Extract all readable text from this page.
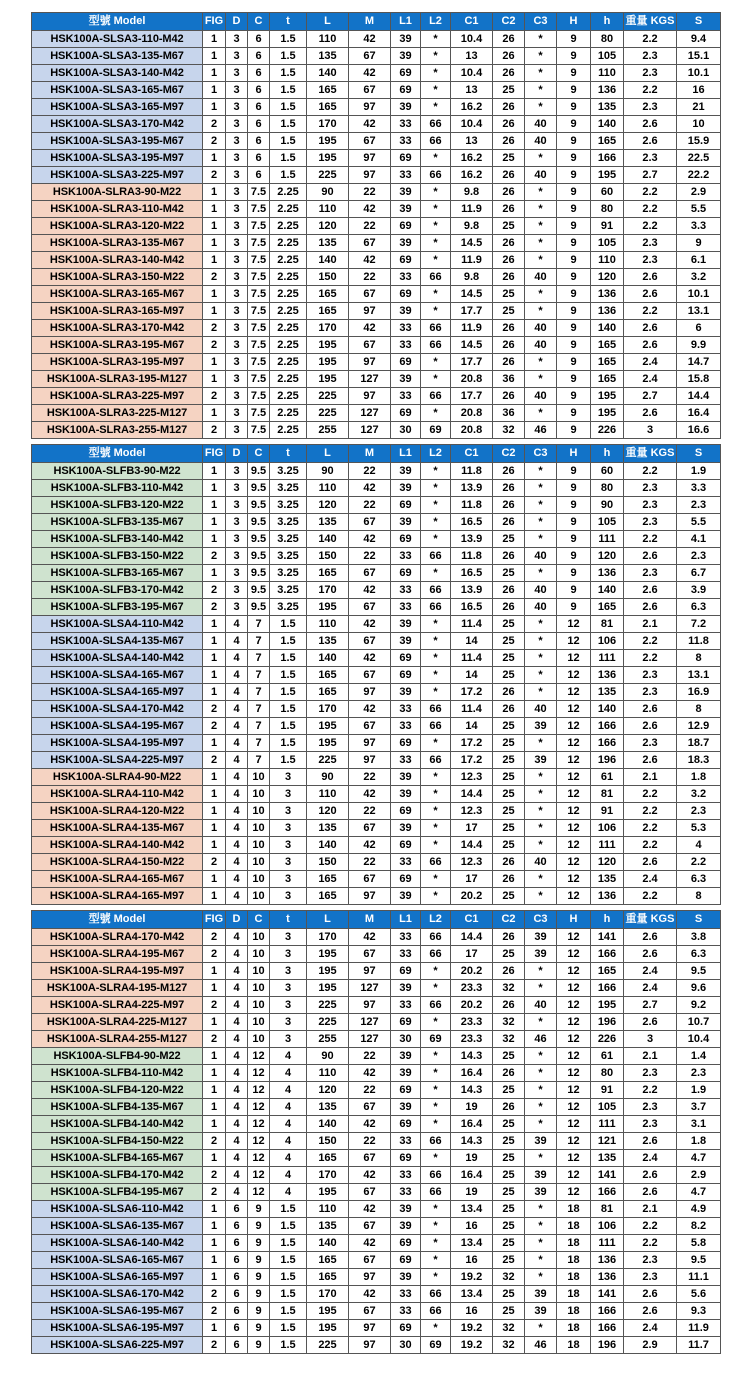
型號 Model	FIG	D	C	t	L	M	L1	L2	C1	C2	C3	H	h	重量 KGS	S
HSK100A-SLSA3-110-M42	1	3	6	1.5	110	42	39	*	10.4	26	*	9	80	2.2	9.4
HSK100A-SLSA3-135-M67	1	3	6	1.5	135	67	39	*	13	26	*	9	105	2.3	15.1
HSK100A-SLSA3-140-M42	1	3	6	1.5	140	42	69	*	10.4	26	*	9	110	2.3	10.1
HSK100A-SLSA3-165-M67	1	3	6	1.5	165	67	69	*	13	25	*	9	136	2.2	16
HSK100A-SLSA3-165-M97	1	3	6	1.5	165	97	39	*	16.2	26	*	9	135	2.3	21
HSK100A-SLSA3-170-M42	2	3	6	1.5	170	42	33	66	10.4	26	40	9	140	2.6	10
HSK100A-SLSA3-195-M67	2	3	6	1.5	195	67	33	66	13	26	40	9	165	2.6	15.9
HSK100A-SLSA3-195-M97	1	3	6	1.5	195	97	69	*	16.2	25	*	9	166	2.3	22.5
HSK100A-SLSA3-225-M97	2	3	6	1.5	225	97	33	66	16.2	26	40	9	195	2.7	22.2
HSK100A-SLRA3-90-M22	1	3	7.5	2.25	90	22	39	*	9.8	26	*	9	60	2.2	2.9
HSK100A-SLRA3-110-M42	1	3	7.5	2.25	110	42	39	*	11.9	26	*	9	80	2.2	5.5
HSK100A-SLRA3-120-M22	1	3	7.5	2.25	120	22	69	*	9.8	25	*	9	91	2.2	3.3
HSK100A-SLRA3-135-M67	1	3	7.5	2.25	135	67	39	*	14.5	26	*	9	105	2.3	9
HSK100A-SLRA3-140-M42	1	3	7.5	2.25	140	42	69	*	11.9	26	*	9	110	2.3	6.1
HSK100A-SLRA3-150-M22	2	3	7.5	2.25	150	22	33	66	9.8	26	40	9	120	2.6	3.2
HSK100A-SLRA3-165-M67	1	3	7.5	2.25	165	67	69	*	14.5	25	*	9	136	2.6	10.1
HSK100A-SLRA3-165-M97	1	3	7.5	2.25	165	97	39	*	17.7	25	*	9	136	2.2	13.1
HSK100A-SLRA3-170-M42	2	3	7.5	2.25	170	42	33	66	11.9	26	40	9	140	2.6	6
HSK100A-SLRA3-195-M67	2	3	7.5	2.25	195	67	33	66	14.5	26	40	9	165	2.6	9.9
HSK100A-SLRA3-195-M97	1	3	7.5	2.25	195	97	69	*	17.7	26	*	9	165	2.4	14.7
HSK100A-SLRA3-195-M127	1	3	7.5	2.25	195	127	39	*	20.8	36	*	9	165	2.4	15.8
HSK100A-SLRA3-225-M97	2	3	7.5	2.25	225	97	33	66	17.7	26	40	9	195	2.7	14.4
HSK100A-SLRA3-225-M127	1	3	7.5	2.25	225	127	69	*	20.8	36	*	9	195	2.6	16.4
HSK100A-SLRA3-255-M127	2	3	7.5	2.25	255	127	30	69	20.8	32	46	9	226	3	16.6

型號 Model	FIG	D	C	t	L	M	L1	L2	C1	C2	C3	H	h	重量 KGS	S
HSK100A-SLFB3-90-M22	1	3	9.5	3.25	90	22	39	*	11.8	26	*	9	60	2.2	1.9
HSK100A-SLFB3-110-M42	1	3	9.5	3.25	110	42	39	*	13.9	26	*	9	80	2.3	3.3
HSK100A-SLFB3-120-M22	1	3	9.5	3.25	120	22	69	*	11.8	26	*	9	90	2.3	2.3
HSK100A-SLFB3-135-M67	1	3	9.5	3.25	135	67	39	*	16.5	26	*	9	105	2.3	5.5
HSK100A-SLFB3-140-M42	1	3	9.5	3.25	140	42	69	*	13.9	25	*	9	111	2.2	4.1
HSK100A-SLFB3-150-M22	2	3	9.5	3.25	150	22	33	66	11.8	26	40	9	120	2.6	2.3
HSK100A-SLFB3-165-M67	1	3	9.5	3.25	165	67	69	*	16.5	25	*	9	136	2.3	6.7
HSK100A-SLFB3-170-M42	2	3	9.5	3.25	170	42	33	66	13.9	26	40	9	140	2.6	3.9
HSK100A-SLFB3-195-M67	2	3	9.5	3.25	195	67	33	66	16.5	26	40	9	165	2.6	6.3
HSK100A-SLSA4-110-M42	1	4	7	1.5	110	42	39	*	11.4	25	*	12	81	2.1	7.2
HSK100A-SLSA4-135-M67	1	4	7	1.5	135	67	39	*	14	25	*	12	106	2.2	11.8
HSK100A-SLSA4-140-M42	1	4	7	1.5	140	42	69	*	11.4	25	*	12	111	2.2	8
HSK100A-SLSA4-165-M67	1	4	7	1.5	165	67	69	*	14	25	*	12	136	2.3	13.1
HSK100A-SLSA4-165-M97	1	4	7	1.5	165	97	39	*	17.2	26	*	12	135	2.3	16.9
HSK100A-SLSA4-170-M42	2	4	7	1.5	170	42	33	66	11.4	26	40	12	140	2.6	8
HSK100A-SLSA4-195-M67	2	4	7	1.5	195	67	33	66	14	25	39	12	166	2.6	12.9
HSK100A-SLSA4-195-M97	1	4	7	1.5	195	97	69	*	17.2	25	*	12	166	2.3	18.7
HSK100A-SLSA4-225-M97	2	4	7	1.5	225	97	33	66	17.2	25	39	12	196	2.6	18.3
HSK100A-SLRA4-90-M22	1	4	10	3	90	22	39	*	12.3	25	*	12	61	2.1	1.8
HSK100A-SLRA4-110-M42	1	4	10	3	110	42	39	*	14.4	25	*	12	81	2.2	3.2
HSK100A-SLRA4-120-M22	1	4	10	3	120	22	69	*	12.3	25	*	12	91	2.2	2.3
HSK100A-SLRA4-135-M67	1	4	10	3	135	67	39	*	17	25	*	12	106	2.2	5.3
HSK100A-SLRA4-140-M42	1	4	10	3	140	42	69	*	14.4	25	*	12	111	2.2	4
HSK100A-SLRA4-150-M22	2	4	10	3	150	22	33	66	12.3	26	40	12	120	2.6	2.2
HSK100A-SLRA4-165-M67	1	4	10	3	165	67	69	*	17	26	*	12	135	2.4	6.3
HSK100A-SLRA4-165-M97	1	4	10	3	165	97	39	*	20.2	25	*	12	136	2.2	8

型號 Model	FIG	D	C	t	L	M	L1	L2	C1	C2	C3	H	h	重量 KGS	S
HSK100A-SLRA4-170-M42	2	4	10	3	170	42	33	66	14.4	26	39	12	141	2.6	3.8
HSK100A-SLRA4-195-M67	2	4	10	3	195	67	33	66	17	25	39	12	166	2.6	6.3
HSK100A-SLRA4-195-M97	1	4	10	3	195	97	69	*	20.2	26	*	12	165	2.4	9.5
HSK100A-SLRA4-195-M127	1	4	10	3	195	127	39	*	23.3	32	*	12	166	2.4	9.6
HSK100A-SLRA4-225-M97	2	4	10	3	225	97	33	66	20.2	26	40	12	195	2.7	9.2
HSK100A-SLRA4-225-M127	1	4	10	3	225	127	69	*	23.3	32	*	12	196	2.6	10.7
HSK100A-SLRA4-255-M127	2	4	10	3	255	127	30	69	23.3	32	46	12	226	3	10.4
HSK100A-SLFB4-90-M22	1	4	12	4	90	22	39	*	14.3	25	*	12	61	2.1	1.4
HSK100A-SLFB4-110-M42	1	4	12	4	110	42	39	*	16.4	26	*	12	80	2.3	2.3
HSK100A-SLFB4-120-M22	1	4	12	4	120	22	69	*	14.3	25	*	12	91	2.2	1.9
HSK100A-SLFB4-135-M67	1	4	12	4	135	67	39	*	19	26	*	12	105	2.3	3.7
HSK100A-SLFB4-140-M42	1	4	12	4	140	42	69	*	16.4	25	*	12	111	2.3	3.1
HSK100A-SLFB4-150-M22	2	4	12	4	150	22	33	66	14.3	25	39	12	121	2.6	1.8
HSK100A-SLFB4-165-M67	1	4	12	4	165	67	69	*	19	25	*	12	135	2.4	4.7
HSK100A-SLFB4-170-M42	2	4	12	4	170	42	33	66	16.4	25	39	12	141	2.6	2.9
HSK100A-SLFB4-195-M67	2	4	12	4	195	67	33	66	19	25	39	12	166	2.6	4.7
HSK100A-SLSA6-110-M42	1	6	9	1.5	110	42	39	*	13.4	25	*	18	81	2.1	4.9
HSK100A-SLSA6-135-M67	1	6	9	1.5	135	67	39	*	16	25	*	18	106	2.2	8.2
HSK100A-SLSA6-140-M42	1	6	9	1.5	140	42	69	*	13.4	25	*	18	111	2.2	5.8
HSK100A-SLSA6-165-M67	1	6	9	1.5	165	67	69	*	16	25	*	18	136	2.3	9.5
HSK100A-SLSA6-165-M97	1	6	9	1.5	165	97	39	*	19.2	32	*	18	136	2.3	11.1
HSK100A-SLSA6-170-M42	2	6	9	1.5	170	42	33	66	13.4	25	39	18	141	2.6	5.6
HSK100A-SLSA6-195-M67	2	6	9	1.5	195	67	33	66	16	25	39	18	166	2.6	9.3
HSK100A-SLSA6-195-M97	1	6	9	1.5	195	97	69	*	19.2	32	*	18	166	2.4	11.9
HSK100A-SLSA6-225-M97	2	6	9	1.5	225	97	30	69	19.2	32	46	18	196	2.9	11.7
